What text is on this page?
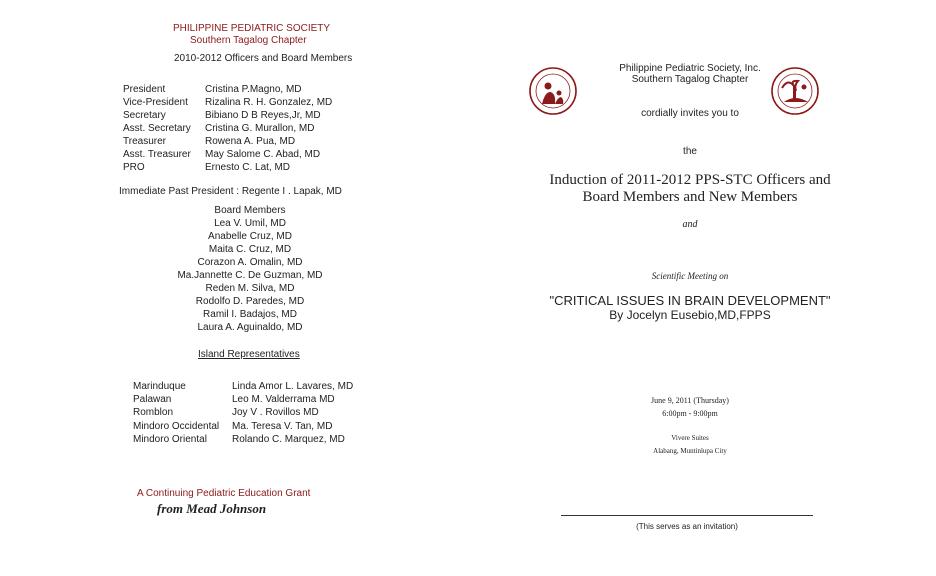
PHILIPPINE PEDIATRIC SOCIETY
Southern Tagalog Chapter
2010-2012 Officers and Board Members
President	Cristina P.Magno, MD
Vice-President Rizalina R. H. Gonzalez, MD
Secretary	Bibiano D B Reyes,Jr, MD
Asst. Secretary Cristina G. Murallon, MD
Treasurer	Rowena A. Pua, MD
Asst. Treasurer May Salome C. Abad, MD
PRO	Ernesto C. Lat, MD
Immediate Past President : Regente I . Lapak, MD
Board Members
Lea V. Umil, MD
Anabelle Cruz, MD
Maita C. Cruz, MD
Corazon A. Omalin, MD
Ma.Jannette C. De Guzman, MD
Reden M. Silva, MD
Rodolfo D. Paredes, MD
Ramil I. Badajos, MD
Laura A. Aguinaldo, MD
Island Representatives
Marinduque	Linda Amor L. Lavares, MD
Palawan	Leo M. Valderrama MD
Romblon	Joy V . Rovillos MD
Mindoro Occidental Ma. Teresa V. Tan, MD
Mindoro Oriental	Rolando C. Marquez, MD
A Continuing Pediatric Education Grant
from Mead Johnson
Philippine Pediatric Society, Inc.
Southern Tagalog Chapter
cordially invites you to
the
Induction of 2011-2012 PPS-STC Officers and
Board Members and New Members
and
Scientific Meeting on
"CRITICAL ISSUES IN BRAIN DEVELOPMENT"
By Jocelyn Eusebio,MD,FPPS
June 9, 2011 (Thursday)
6:00pm - 9:00pm
Vivere Suites
Alabang, Muntinlupa City
(This serves as an invitation)
